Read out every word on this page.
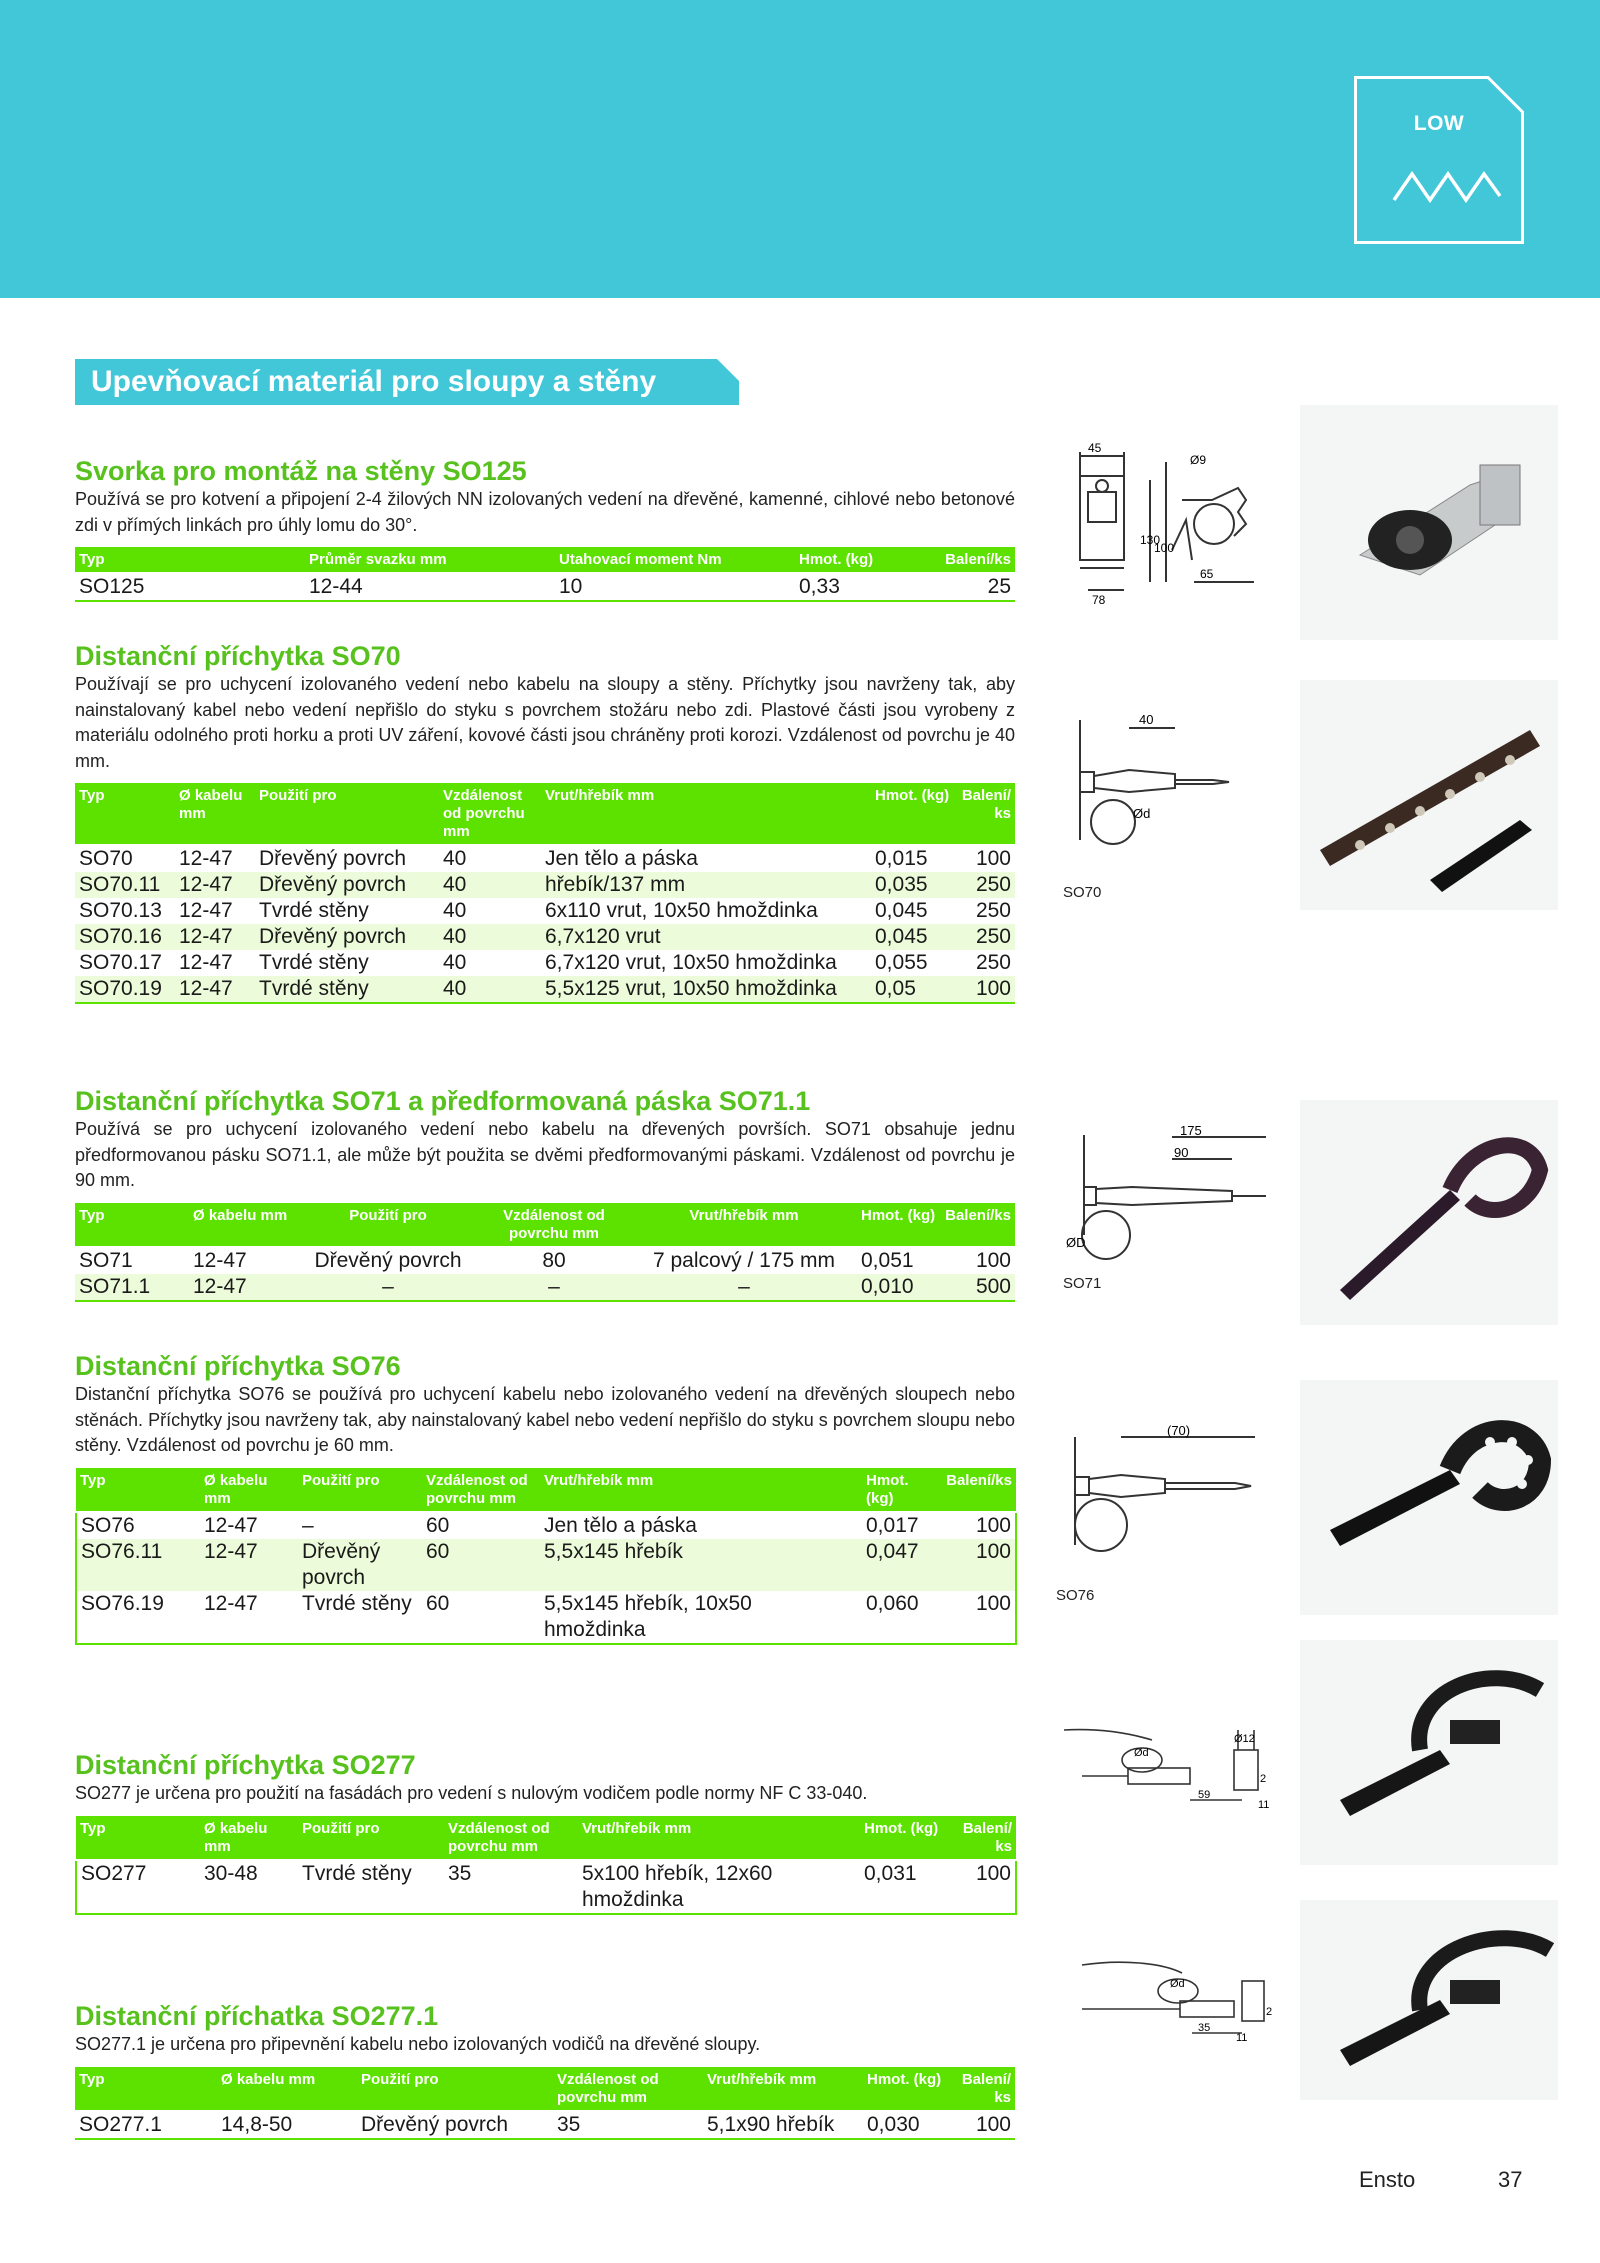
LOW
Upevňovací materiál pro sloupy a stěny
Svorka pro montáž na stěny SO125

Používá se pro kotvení a připojení 2-4 žilových NN izolovaných vedení na dřevěné, kamenné, cihlové nebo betonové zdi v přímých linkách pro úhly lomu do 30°.

Typ	Průměr svazku mm	Utahovací moment Nm	Hmot. (kg)	Balení/ks
SO125	12-44	10	0,33	25
45
Ø9
130
100
78
65
Distanční příchytka SO70

Používají se pro uchycení izolovaného vedení nebo kabelu na sloupy a stěny. Příchytky jsou navrženy tak, aby nainstalovaný kabel nebo vedení nepřišlo do styku s povrchem stožáru nebo zdi. Plastové části jsou vyrobeny z materiálu odolného proti horku a proti UV záření, kovové části jsou chráněny proti korozi. Vzdálenost od povrchu je 40 mm.

Typ	Ø kabelu mm	Použití pro	Vzdálenost od povrchu mm	Vrut/hřebík mm	Hmot. (kg)	Balení/ ks
SO70	12-47	Dřevěný povrch	40	Jen tělo a páska	0,015	100
SO70.11	12-47	Dřevěný povrch	40	hřebík/137 mm	0,035	250
SO70.13	12-47	Tvrdé stěny	40	6x110 vrut, 10x50 hmoždinka	0,045	250
SO70.16	12-47	Dřevěný povrch	40	6,7x120 vrut	0,045	250
SO70.17	12-47	Tvrdé stěny	40	6,7x120 vrut, 10x50 hmoždinka	0,055	250
SO70.19	12-47	Tvrdé stěny	40	5,5x125 vrut, 10x50 hmoždinka	0,05	100
40
Ød
SO70
Distanční příchytka SO71 a předformovaná páska SO71.1

Používá se pro uchycení izolovaného vedení nebo kabelu na dřevených površích. SO71 obsahuje jednu předformovanou pásku SO71.1, ale může být použita se dvěmi předformovanými páskami. Vzdálenost od povrchu je 90 mm.

Typ	Ø kabelu mm	Použití pro	Vzdálenost od povrchu mm	Vrut/hřebík mm	Hmot. (kg)	Balení/ks
SO71	12-47	Dřevěný povrch	80	7 palcový / 175 mm	0,051	100
SO71.1	12-47	–	–	–	0,010	500
175
90
ØD
SO71
Distanční příchytka SO76

Distanční příchytka SO76 se používá pro uchycení kabelu nebo izolovaného vedení na dřevěných sloupech nebo stěnách. Příchytky jsou navrženy tak, aby nainstalovaný kabel nebo vedení nepřišlo do styku s povrchem sloupu nebo stěny. Vzdálenost od povrchu je 60 mm.

Typ	Ø kabelu mm	Použití pro	Vzdálenost od povrchu mm	Vrut/hřebík mm	Hmot. (kg)	Balení/ks
SO76	12-47	–	60	Jen tělo a páska	0,017	100
SO76.11	12-47	Dřevěný povrch	60	5,5x145 hřebík	0,047	100
SO76.19	12-47	Tvrdé stěny	60	5,5x145 hřebík, 10x50 hmoždinka	0,060	100
(70)
SO76
Distanční příchytka SO277

SO277 je určena pro použití na fasádách pro vedení s nulovým vodičem podle normy NF C 33-040.

Typ	Ø kabelu mm	Použití pro	Vzdálenost od povrchu mm	Vrut/hřebík mm	Hmot. (kg)	Balení/ ks
SO277	30-48	Tvrdé stěny	35	5x100 hřebík, 12x60 hmoždinka	0,031	100
Ød
59
Ø12
2
11
Distanční příchatka SO277.1

SO277.1 je určena pro připevnění kabelu nebo izolovaných vodičů na dřevěné sloupy.

Typ	Ø kabelu mm	Použití pro	Vzdálenost od povrchu mm	Vrut/hřebík mm	Hmot. (kg)	Balení/ ks
SO277.1	14,8-50	Dřevěný povrch	35	5,1x90 hřebík	0,030	100
Ød
35
11
2
Ensto	37
